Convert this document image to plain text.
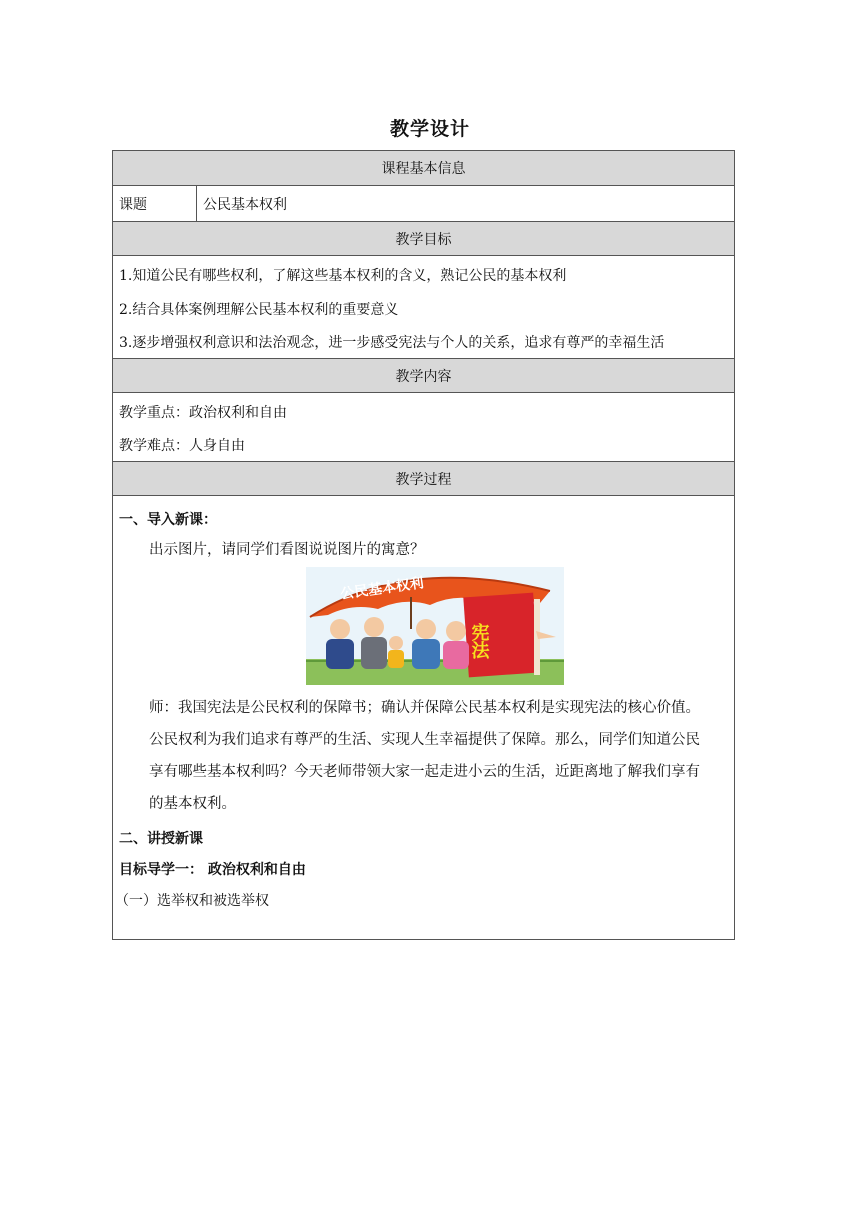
教学设计
课程基本信息
课题	公民基本权利
教学目标
1.知道公民有哪些权利，了解这些基本权利的含义，熟记公民的基本权利
2.结合具体案例理解公民基本权利的重要意义
3.逐步增强权利意识和法治观念，进一步感受宪法与个人的关系，追求有尊严的幸福生活
教学内容
教学重点：政治权利和自由
教学难点：人身自由
教学过程
一、导入新课：
出示图片，请同学们看图说说图片的寓意？
公民基本权利
宪法
师：我国宪法是公民权利的保障书；确认并保障公民基本权利是实现宪法的核心价值。
公民权利为我们追求有尊严的生活、实现人生幸福提供了保障。那么，同学们知道公民
享有哪些基本权利吗？今天老师带领大家一起走进小云的生活，近距离地了解我们享有
的基本权利。
二、讲授新课
目标导学一： 政治权利和自由
（一）选举权和被选举权
